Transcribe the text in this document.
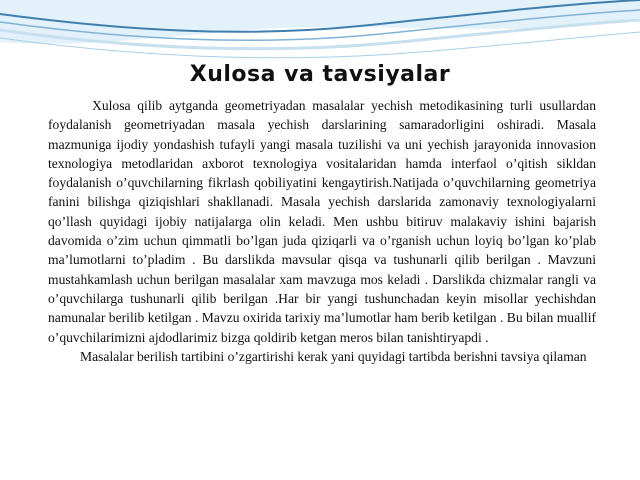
Xulosa va tavsiyalar

Xulosa qilib aytganda geometriyadan masalalar yechish metodikasining turli usullardan foydalanish geometriyadan masala yechish darslarining samaradorligini oshiradi. Masala mazmuniga ijodiy yondashish tufayli yangi masala tuzilishi va uni yechish jarayonida innovasion texnologiya metodlaridan axborot texnologiya vositalaridan hamda interfaol o’qitish sikldan foydalanish o’quvchilarning fikrlash qobiliyatini kengaytirish.Natijada o’quvchilarning geometriya fanini bilishga qiziqishlari shakllanadi. Masala yechish darslarida zamonaviy texnologiyalarni qo’llash quyidagi ijobiy natijalarga olin keladi. Men ushbu bitiruv malakaviy ishini bajarish davomida o’zim uchun qimmatli bo’lgan juda qiziqarli va o’rganish uchun loyiq bo’lgan ko’plab ma’lumotlarni to’pladim . Bu darslikda mavsular qisqa va tushunarli qilib berilgan . Mavzuni mustahkamlash uchun berilgan masalalar xam mavzuga mos keladi . Darslikda chizmalar rangli va o’quvchilarga tushunarli qilib berilgan .Har bir yangi tushunchadan keyin misollar yechishdan namunalar berilib ketilgan . Mavzu oxirida tarixiy ma’lumotlar ham berib ketilgan . Bu bilan muallif o’quvchilarimizni ajdodlarimiz bizga qoldirib ketgan meros bilan tanishtiryapdi .

Masalalar berilish tartibini o’zgartirishi kerak yani quyidagi tartibda berishni tavsiya qilaman
